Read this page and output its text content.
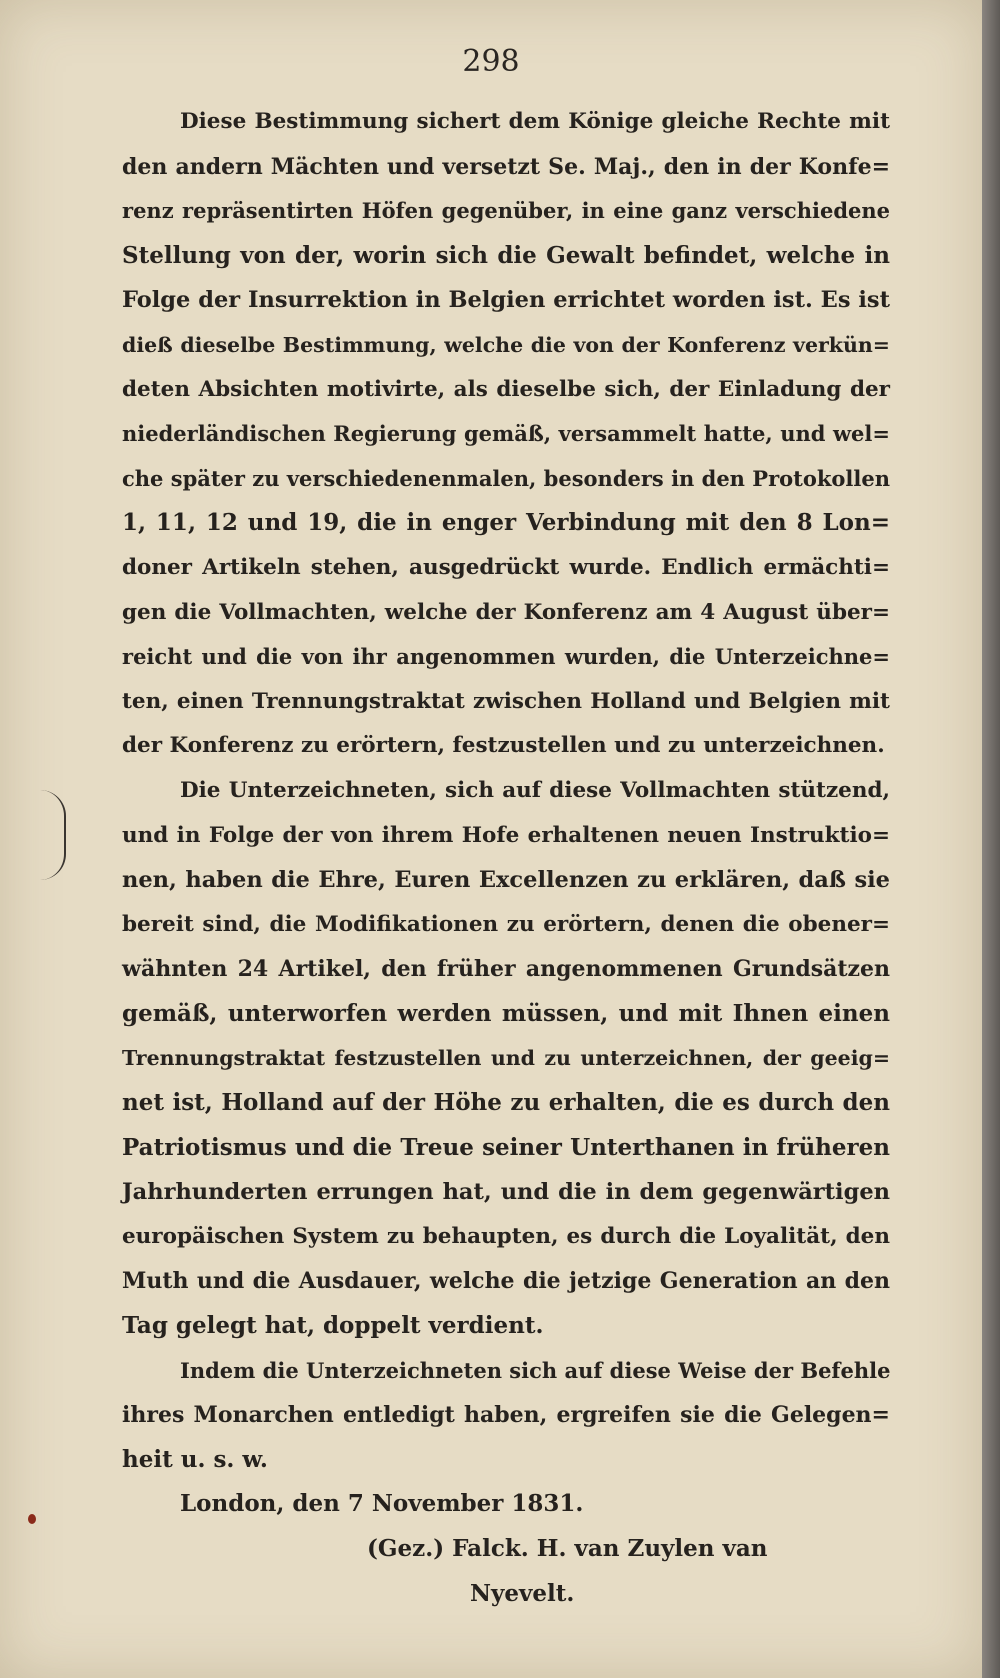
298
Diese Bestimmung sichert dem Könige gleiche Rechte mit
den andern Mächten und versetzt Se. Maj., den in der Konfe=
renz repräsentirten Höfen gegenüber, in eine ganz verschiedene
Stellung von der, worin sich die Gewalt befindet, welche in
Folge der Insurrektion in Belgien errichtet worden ist. Es ist
dieß dieselbe Bestimmung, welche die von der Konferenz verkün=
deten Absichten motivirte, als dieselbe sich, der Einladung der
niederländischen Regierung gemäß, versammelt hatte, und wel=
che später zu verschiedenenmalen, besonders in den Protokollen
1, 11, 12 und 19, die in enger Verbindung mit den 8 Lon=
doner Artikeln stehen, ausgedrückt wurde. Endlich ermächti=
gen die Vollmachten, welche der Konferenz am 4 August über=
reicht und die von ihr angenommen wurden, die Unterzeichne=
ten, einen Trennungstraktat zwischen Holland und Belgien mit
der Konferenz zu erörtern, festzustellen und zu unterzeichnen.
Die Unterzeichneten, sich auf diese Vollmachten stützend,
und in Folge der von ihrem Hofe erhaltenen neuen Instruktio=
nen, haben die Ehre, Euren Excellenzen zu erklären, daß sie
bereit sind, die Modifikationen zu erörtern, denen die obener=
wähnten 24 Artikel, den früher angenommenen Grundsätzen
gemäß, unterworfen werden müssen, und mit Ihnen einen
Trennungstraktat festzustellen und zu unterzeichnen, der geeig=
net ist, Holland auf der Höhe zu erhalten, die es durch den
Patriotismus und die Treue seiner Unterthanen in früheren
Jahrhunderten errungen hat, und die in dem gegenwärtigen
europäischen System zu behaupten, es durch die Loyalität, den
Muth und die Ausdauer, welche die jetzige Generation an den
Tag gelegt hat, doppelt verdient.
Indem die Unterzeichneten sich auf diese Weise der Befehle
ihres Monarchen entledigt haben, ergreifen sie die Gelegen=
heit u. s. w.
London, den 7 November 1831.
(Gez.) Falck. H. van Zuylen van
Nyevelt.
